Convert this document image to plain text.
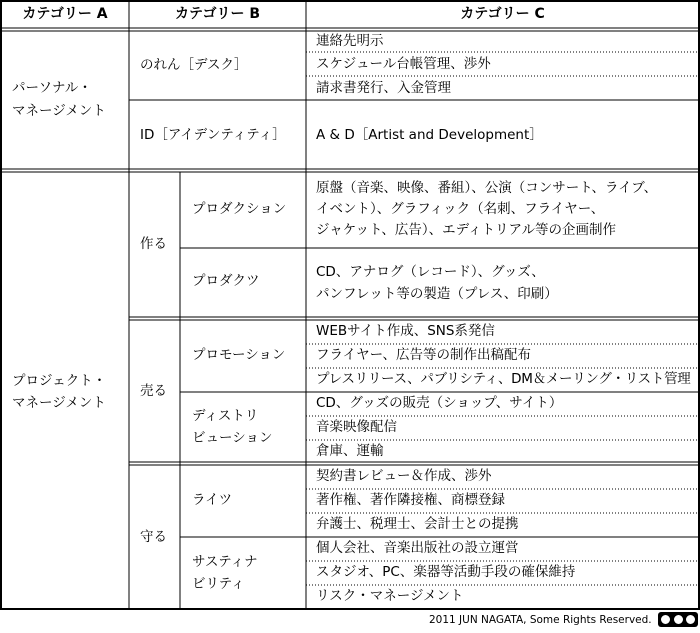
カテゴリー A	カテゴリー B	カテゴリー C
パーソナル・
マネージメント
のれん［デスク］
連絡先明示
スケジュール台帳管理、渉外
請求書発行、入金管理
ID［アイデンティティ］ A & D［Artist and Development］
プロジェクト・
マネージメント
作る
プロダクション
原盤（音楽、映像、番組）、公演（コンサート、ライブ、
イベント）、グラフィック（名刺、フライヤー、
ジャケット、広告）、エディトリアル等の企画制作
プロダクツ
CD、アナログ（レコード）、グッズ、
パンフレット等の製造（プレス、印刷）
売る
プロモーション
WEBサイト作成、SNS系発信
フライヤー、広告等の制作出稿配布
プレスリリース、パブリシティ、DM＆メーリング・リスト管理
ディストリ
ビューション
CD、グッズの販売（ショップ、サイト）
音楽映像配信
倉庫、運輸
守る
ライツ
契約書レビュー＆作成、渉外
著作権、著作隣接権、商標登録
弁護士、税理士、会計士との提携
サスティナ
ビリティ
個人会社、音楽出版社の設立運営
スタジオ、PC、楽器等活動手段の確保維持
リスク・マネージメント
2011 JUN NAGATA, Some Rights Reserved.
